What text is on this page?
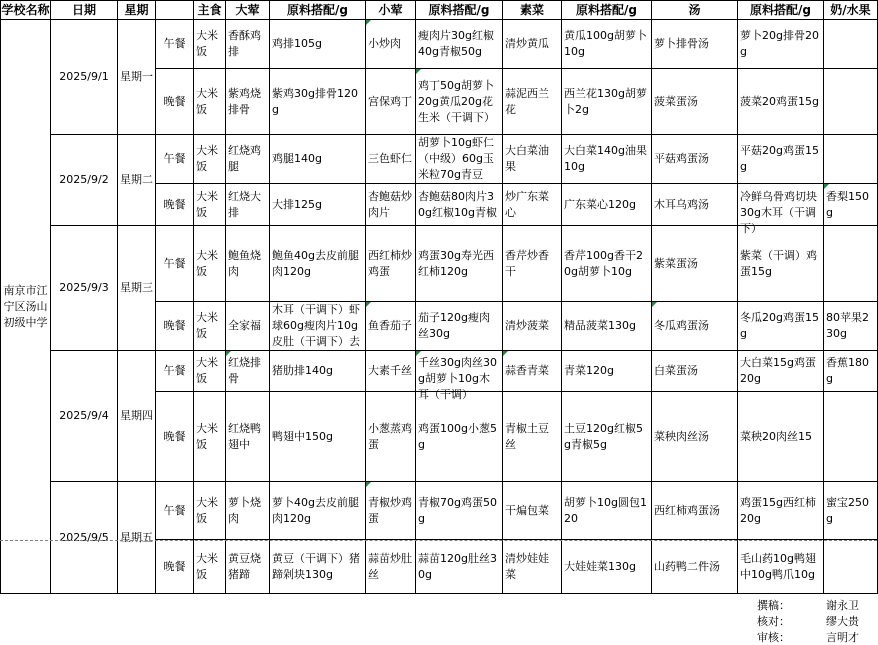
学校名称	日期	星期		主食	大荤	原料搭配/g	小荤	原料搭配/g	素菜	原料搭配/g	汤	原料搭配/g	奶/水果
南京市江宁区汤山初级中学	2025/9/1	星期一	午餐	大米饭	香酥鸡排	鸡排105g	小炒肉	瘦肉片30g红椒40g青椒50g	清炒黄瓜	黄瓜100g胡萝卜10g	萝卜排骨汤	萝卜20g排骨20g	
			晚餐	大米饭	紫鸡烧排骨	紫鸡30g排骨120g	宫保鸡丁	鸡丁50g胡萝卜20g黄瓜20g花生米（干调下）	蒜泥西兰花	西兰花130g胡萝卜2g	菠菜蛋汤	菠菜20鸡蛋15g	
	2025/9/2	星期二	午餐	大米饭	红烧鸡腿	鸡腿140g	三色虾仁	胡萝卜10g虾仁（中级）60g玉米粒70g青豆	大白菜油果	大白菜140g油果10g	平菇鸡蛋汤	平菇20g鸡蛋15g	
			晚餐	大米饭	红烧大排	大排125g	杏鲍菇炒肉片	杏鲍菇80肉片30g红椒10g青椒	炒广东菜心	广东菜心120g	木耳乌鸡汤	冷鲜乌骨鸡切块30g木耳（干调下）	香梨150g
	2025/9/3	星期三	午餐	大米饭	鲍鱼烧肉	鲍鱼40g去皮前腿肉120g	西红柿炒鸡蛋	鸡蛋30g寿光西红柿120g	香芹炒香干	香芹100g香干20g胡萝卜10g	紫菜蛋汤	紫菜（干调）鸡蛋15g	
			晚餐	大米饭	全家福	木耳（干调下）虾球60g瘦肉片10g皮肚（干调下）去	鱼香茄子	茄子120g瘦肉丝30g	清炒菠菜	精品菠菜130g	冬瓜鸡蛋汤	冬瓜20g鸡蛋15g	80苹果230g
	2025/9/4	星期四	午餐	大米饭	红烧排骨	猪肋排140g	大素千丝	千丝30g肉丝30g胡萝卜10g木耳（干调）	蒜香青菜	青菜120g	白菜蛋汤	大白菜15g鸡蛋20g	香蕉180g
			晚餐	大米饭	红烧鸭翅中	鸭翅中150g	小葱蒸鸡蛋	鸡蛋100g小葱5g	青椒土豆丝	土豆120g红椒5g青椒5g	菜秧肉丝汤	菜秧20肉丝15	
	2025/9/5	星期五	午餐	大米饭	萝卜烧肉	萝卜40g去皮前腿肉120g	青椒炒鸡蛋	青椒70g鸡蛋50g	干煸包菜	胡萝卜10g圆包120	西红柿鸡蛋汤	鸡蛋15g西红柿20g	蜜宝250g
			晚餐	大米饭	黄豆烧猪蹄	黄豆（干调下）猪蹄剁块130g	蒜苗炒肚丝	蒜苗120g肚丝30g	清炒娃娃菜	大娃娃菜130g	山药鸭二件汤	毛山药10g鸭翅中10g鸭爪10g	
撰稿：	谢永卫
核对：	缪大贵
审核：	言明才
